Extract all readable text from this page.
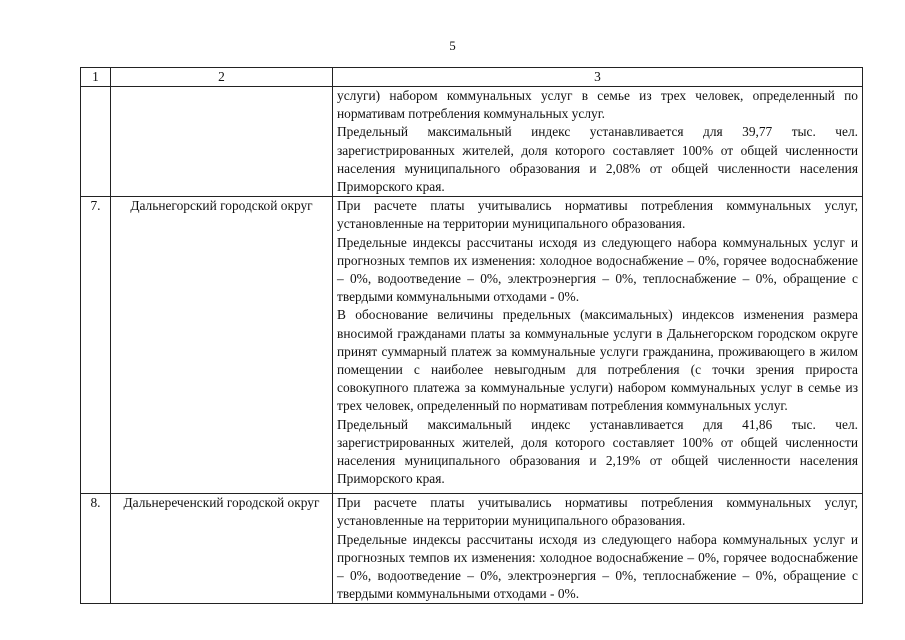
5
1	2	3

		услуги) набором коммунальных услуг в семье из трех человек, определенный по нормативам потребления коммунальных услуг.

Предельный максимальный индекс устанавливается для 39,77 тыс. чел. зарегистрированных жителей, доля которого составляет 100% от общей численности населения муниципального образования и 2,08% от общей численности населения Приморского края.

7.	Дальнегорский городской округ	При расчете платы учитывались нормативы потребления коммунальных услуг, установленные на территории муниципального образования.

Предельные индексы рассчитаны исходя из следующего набора коммунальных услуг и прогнозных темпов их изменения: холодное водоснабжение – 0%, горячее водоснабжение – 0%, водоотведение – 0%, электроэнергия – 0%, теплоснабжение – 0%, обращение с твердыми коммунальными отходами - 0%.

В обоснование величины предельных (максимальных) индексов изменения размера вносимой гражданами платы за коммунальные услуги в Дальнегорском городском округе принят суммарный платеж за коммунальные услуги гражданина, проживающего в жилом помещении с наиболее невыгодным для потребления (с точки зрения прироста совокупного платежа за коммунальные услуги) набором коммунальных услуг в семье из трех человек, определенный по нормативам потребления коммунальных услуг.

Предельный максимальный индекс устанавливается для 41,86 тыс. чел. зарегистрированных жителей, доля которого составляет 100% от общей численности населения муниципального образования и 2,19% от общей численности населения Приморского края.

8.	Дальнереченский городской округ	При расчете платы учитывались нормативы потребления коммунальных услуг, установленные на территории муниципального образования.

Предельные индексы рассчитаны исходя из следующего набора коммунальных услуг и прогнозных темпов их изменения: холодное водоснабжение – 0%, горячее водоснабжение – 0%, водоотведение – 0%, электроэнергия – 0%, теплоснабжение – 0%, обращение с твердыми коммунальными отходами - 0%.
